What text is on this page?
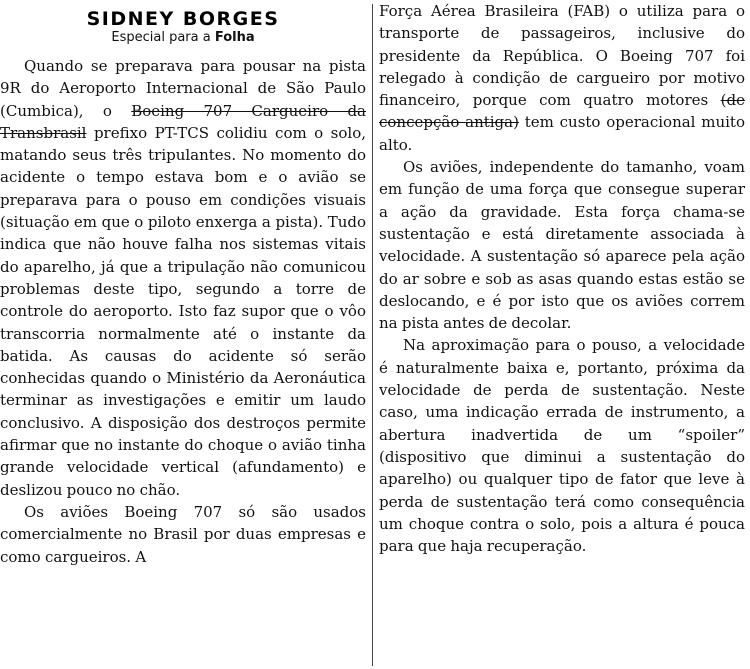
SIDNEY BORGES
Especial para a Folha

Quando se preparava para pousar na pista 9R do Aeroporto Internacional de São Paulo (Cumbica), o Boeing 707 Cargueiro da Transbrasil prefixo PT-TCS colidiu com o solo, matando seus três tripulantes. No momento do acidente o tempo estava bom e o avião se preparava para o pouso em condições visuais (situação em que o piloto enxerga a pista). Tudo indica que não houve falha nos sistemas vitais do aparelho, já que a tripulação não comunicou problemas deste tipo, segundo a torre de controle do aeroporto. Isto faz supor que o vôo transcorria normalmente até o instante da batida. As causas do acidente só serão conhecidas quando o Ministério da Aeronáutica terminar as investigações e emitir um laudo conclusivo. A disposição dos destroços permite afirmar que no instante do choque o avião tinha grande velocidade vertical (afundamento) e deslizou pouco no chão.

Os aviões Boeing 707 só são usados comercialmente no Brasil por duas empresas e como cargueiros. A

Força Aérea Brasileira (FAB) o utiliza para o transporte de passageiros, inclusive do presidente da República. O Boeing 707 foi relegado à condição de cargueiro por motivo financeiro, porque com quatro motores (de concepção antiga) tem custo operacional muito alto.

Os aviões, independente do tamanho, voam em função de uma força que consegue superar a ação da gravidade. Esta força chama-se sustentação e está diretamente associada à velocidade. A sustentação só aparece pela ação do ar sobre e sob as asas quando estas estão se deslocando, e é por isto que os aviões correm na pista antes de decolar.

Na aproximação para o pouso, a velocidade é naturalmente baixa e, portanto, próxima da velocidade de perda de sustentação. Neste caso, uma indicação errada de instrumento, a abertura inadvertida de um “spoiler” (dispositivo que diminui a sustentação do aparelho) ou qualquer tipo de fator que leve à perda de sustentação terá como consequência um choque contra o solo, pois a altura é pouca para que haja recuperação.
